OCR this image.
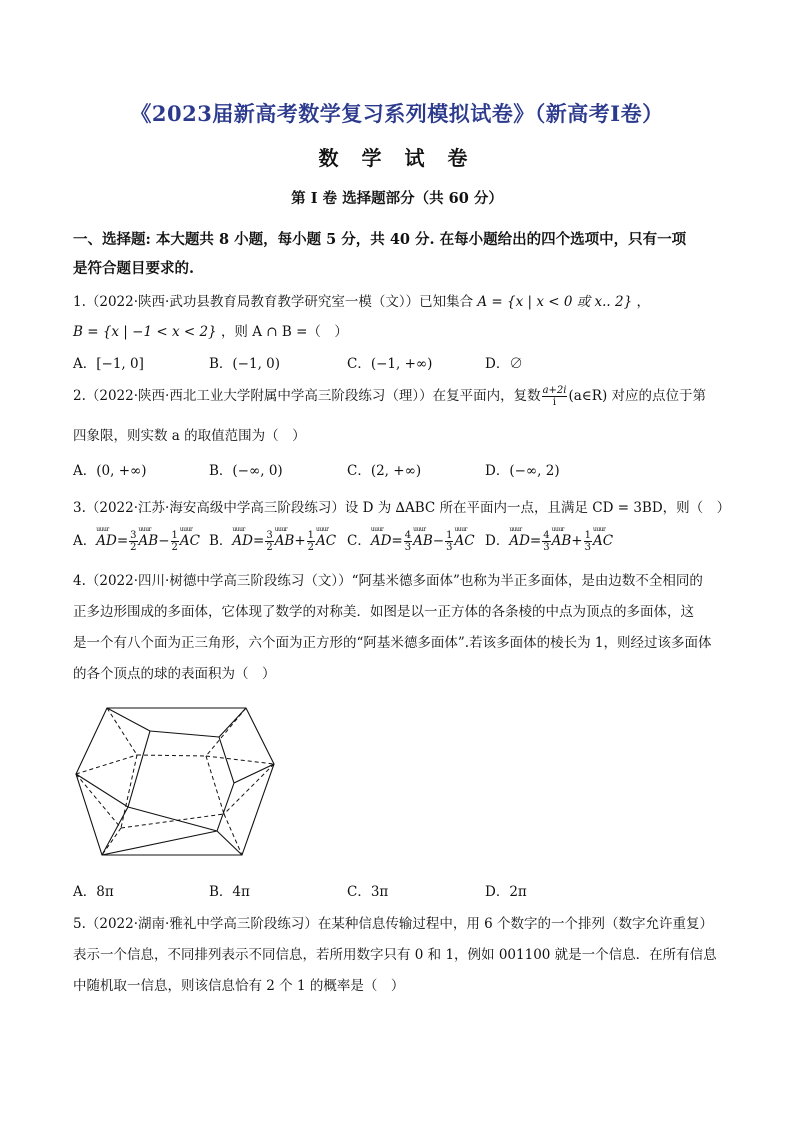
《2023届新高考数学复习系列模拟试卷》（新高考I卷）
数 学 试 卷
第 I 卷 选择题部分（共 60 分）
一、选择题: 本大题共 8 小题，每小题 5 分，共 40 分. 在每小题给出的四个选项中，只有一项
是符合题目要求的.
1.（2022·陕西·武功县教育局教育教学研究室一模（文））已知集合 A = {x | x < 0 或 x.. 2} ，
B = {x | −1 < x < 2} ，则 A ∩ B =（　）
A．[−1, 0]	B．(−1, 0)	C．(−1, +∞)	D．∅
2.（2022·陕西·西北工业大学附属中学高三阶段练习（理））在复平面内，复数 $\frac{a+2i}{i}$ (a∈R) 对应的点位于第
四象限，则实数 a 的取值范围为（　）
A．(0, +∞)	B．(−∞, 0)	C．(2, +∞)	D．(−∞, 2)
3.（2022·江苏·海安高级中学高三阶段练习）设 D 为 ∆ABC 所在平面内一点，且满足 CD = 3BD，则（　）
A．uuur $AD= \frac{3}{2}$ uuur $AB- \frac{1}{2}$ uuur AC B．uuur $AD= \frac{3}{2}$ uuur $AB+ \frac{1}{2}$ uuur AC C．uuur $AD= \frac{4}{3}$ uuur $AB- \frac{1}{3}$ uuur AC D．uuur $AD= \frac{4}{3}$ uuur $AB+ \frac{1}{3}$ uuur AC
4.（2022·四川·树德中学高三阶段练习（文））“阿基米德多面体”也称为半正多面体，是由边数不全相同的
正多边形围成的多面体，它体现了数学的对称美．如图是以一正方体的各条棱的中点为顶点的多面体，这
是一个有八个面为正三角形，六个面为正方形的“阿基米德多面体”.若该多面体的棱长为 1，则经过该多面体
的各个顶点的球的表面积为（　）
A．8π	B．4π	C．3π	D．2π
5.（2022·湖南·雅礼中学高三阶段练习）在某种信息传输过程中，用 6 个数字的一个排列（数字允许重复）
表示一个信息，不同排列表示不同信息，若所用数字只有 0 和 1，例如 001100 就是一个信息．在所有信息
中随机取一信息，则该信息恰有 2 个 1 的概率是（　）
